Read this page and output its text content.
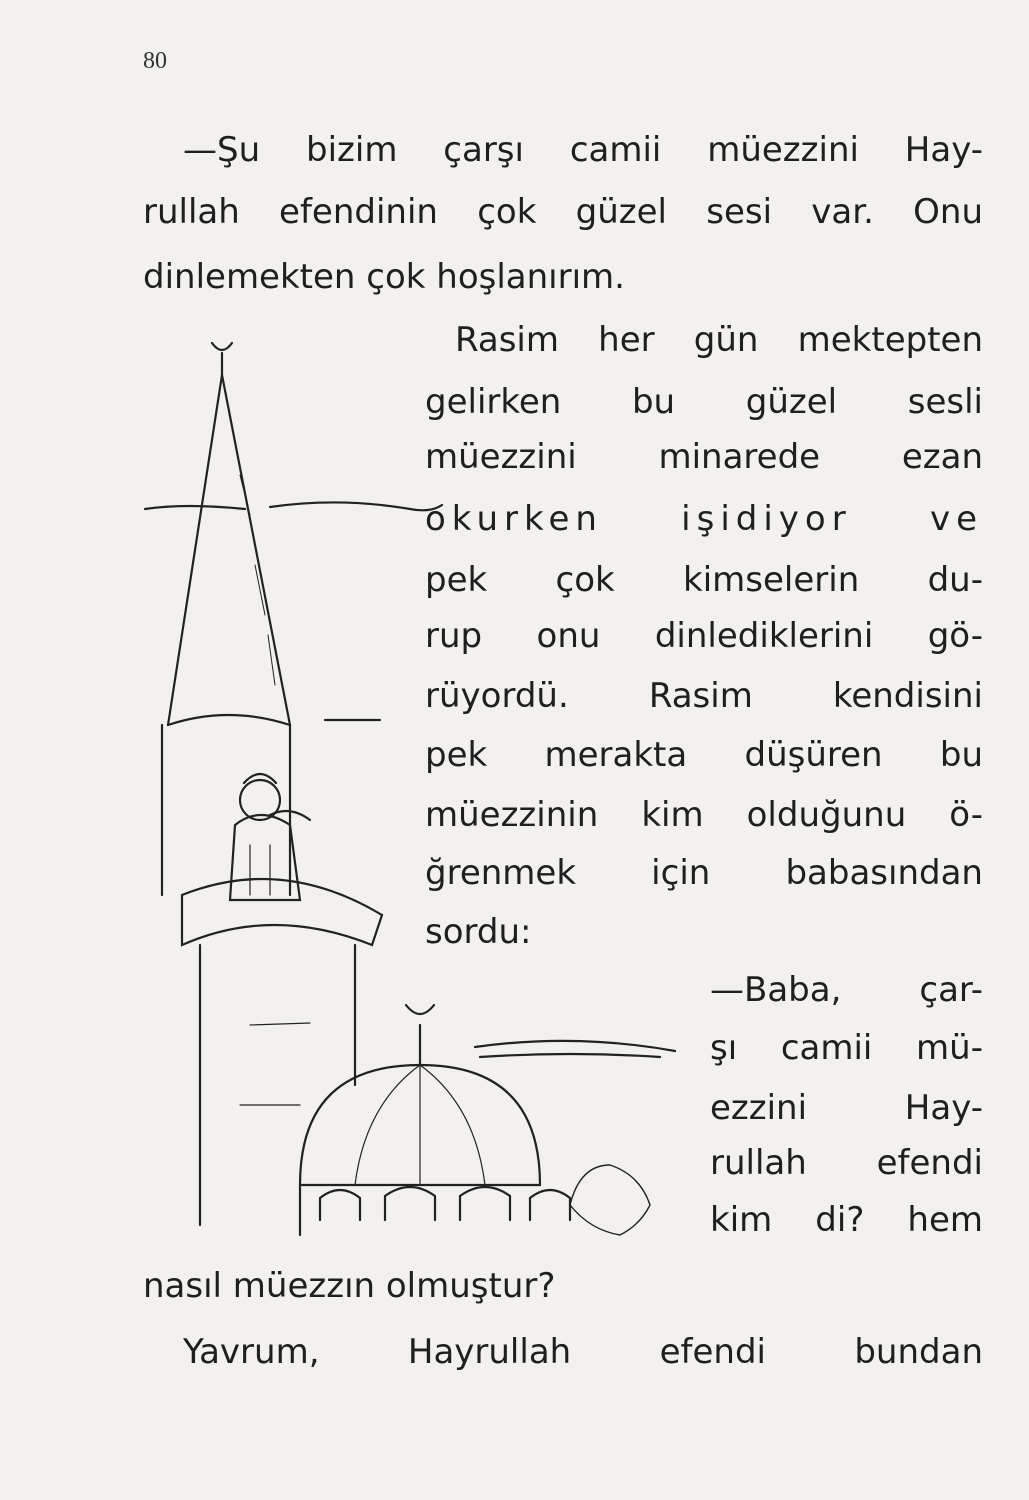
80
—Şu bizim çarşı camii müezzini Hay-
rullah efendinin çok güzel sesi var. Onu
dinlemekten çok hoşlanırım.
Rasim her gün mektepten
gelirken bu güzel sesli
müezzini minarede ezan
okurken işidiyor ve
pek çok kimselerin du-
rup onu dinlediklerini gö-
rüyordü. Rasim kendisini
pek merakta düşüren bu
müezzinin kim olduğunu ö-
ğrenmek için babasından
sordu:
—Baba, çar-
şı camii mü-
ezzini Hay-
rullah efendi
kim di? hem
nasıl müezzın olmuştur?
Yavrum, Hayrullah efendi bundan
